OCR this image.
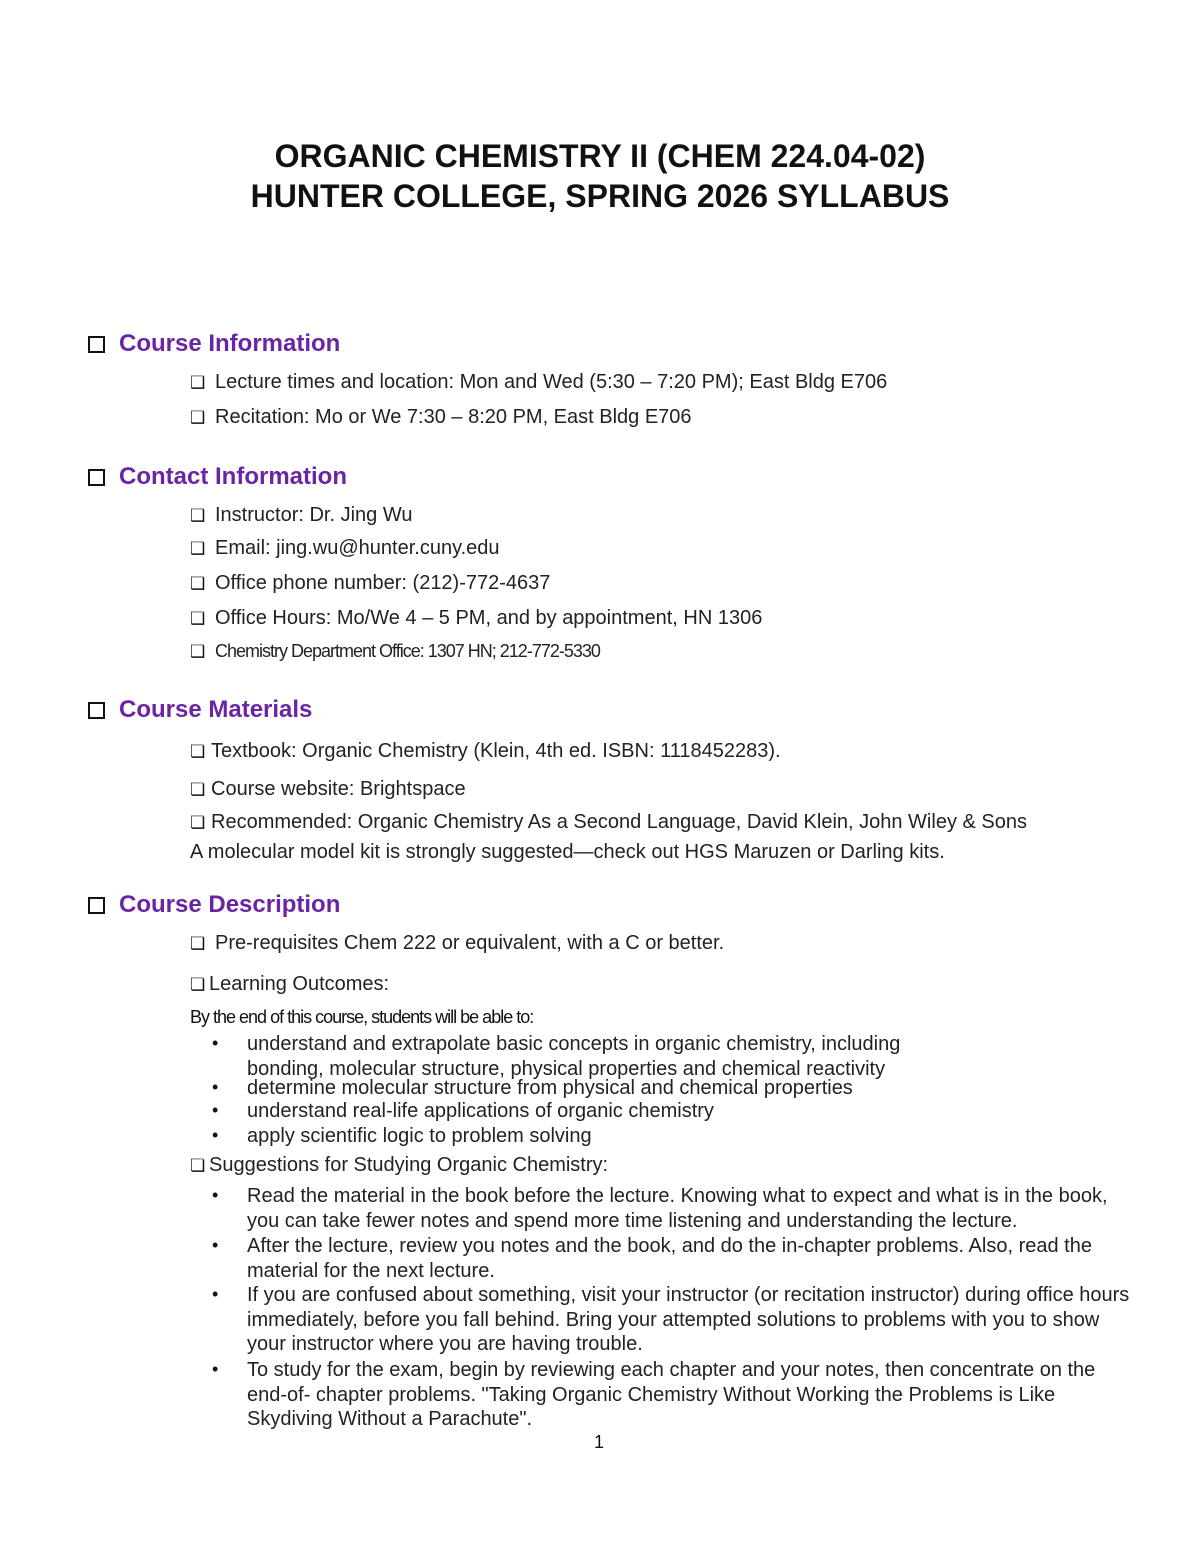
ORGANIC CHEMISTRY II (CHEM 224.04-02)
HUNTER COLLEGE, SPRING 2026 SYLLABUS
Course Information
❑ Lecture times and location: Mon and Wed (5:30 – 7:20 PM); East Bldg E706
❑ Recitation: Mo or We 7:30 – 8:20 PM, East Bldg E706
Contact Information
❑ Instructor: Dr. Jing Wu
❑ Email: jing.wu@hunter.cuny.edu
❑ Office phone number: (212)-772-4637
❑ Office Hours: Mo/We 4 – 5 PM, and by appointment, HN 1306
❑ Chemistry Department Office: 1307 HN; 212-772-5330
Course Materials
❏ Textbook: Organic Chemistry (Klein, 4th ed. ISBN: 1118452283).
❏ Course website: Brightspace
❏ Recommended: Organic Chemistry As a Second Language, David Klein, John Wiley & Sons
A molecular model kit is strongly suggested—check out HGS Maruzen or Darling kits.
Course Description
❑ Pre-requisites Chem 222 or equivalent, with a C or better.
❏ Learning Outcomes:
By the end of this course, students will be able to:
• understand and extrapolate basic concepts in organic chemistry, including bonding, molecular structure, physical properties and chemical reactivity
• determine molecular structure from physical and chemical properties
• understand real-life applications of organic chemistry
• apply scientific logic to problem solving
❏ Suggestions for Studying Organic Chemistry:
• Read the material in the book before the lecture. Knowing what to expect and what is in the book, you can take fewer notes and spend more time listening and understanding the lecture.
• After the lecture, review you notes and the book, and do the in-chapter problems. Also, read the material for the next lecture.
• If you are confused about something, visit your instructor (or recitation instructor) during office hours immediately, before you fall behind. Bring your attempted solutions to problems with you to show your instructor where you are having trouble.
• To study for the exam, begin by reviewing each chapter and your notes, then concentrate on the end-of- chapter problems. "Taking Organic Chemistry Without Working the Problems is Like Skydiving Without a Parachute".
1
